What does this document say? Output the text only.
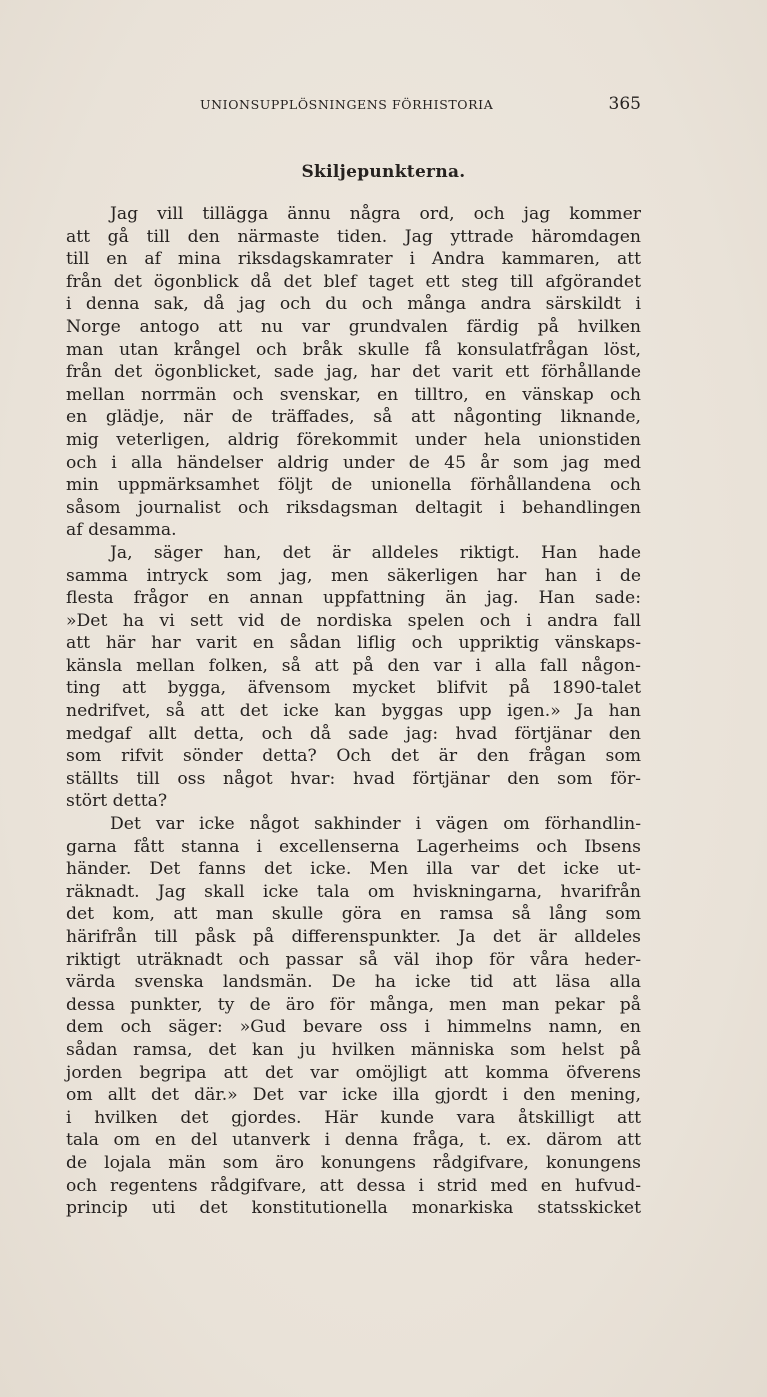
UNIONSUPPLÖSNINGENS FÖRHISTORIA	365
Skiljepunkterna.
Jag vill tillägga ännu några ord, och jag kommer
att gå till den närmaste tiden. Jag yttrade häromdagen
till en af mina riksdagskamrater i Andra kammaren, att
från det ögonblick då det blef taget ett steg till afgörandet
i denna sak, då jag och du och många andra särskildt i
Norge antogo att nu var grundvalen färdig på hvilken
man utan krångel och bråk skulle få konsulatfrågan löst,
från det ögonblicket, sade jag, har det varit ett förhållande
mellan norrmän och svenskar, en tilltro, en vänskap och
en glädje, när de träffades, så att någonting liknande,
mig veterligen, aldrig förekommit under hela unionstiden
och i alla händelser aldrig under de 45 år som jag med
min uppmärksamhet följt de unionella förhållandena och
såsom journalist och riksdagsman deltagit i behandlingen
af desamma.
Ja, säger han, det är alldeles riktigt. Han hade
samma intryck som jag, men säkerligen har han i de
flesta frågor en annan uppfattning än jag. Han sade:
»Det ha vi sett vid de nordiska spelen och i andra fall
att här har varit en sådan liflig och uppriktig vänskaps-
känsla mellan folken, så att på den var i alla fall någon-
ting att bygga, äfvensom mycket blifvit på 1890-talet
nedrifvet, så att det icke kan byggas upp igen.» Ja han
medgaf allt detta, och då sade jag: hvad förtjänar den
som rifvit sönder detta? Och det är den frågan som
ställts till oss något hvar: hvad förtjänar den som för-
stört detta?
Det var icke något sakhinder i vägen om förhandlin-
garna fått stanna i excellenserna Lagerheims och Ibsens
händer. Det fanns det icke. Men illa var det icke ut-
räknadt. Jag skall icke tala om hviskningarna, hvarifrån
det kom, att man skulle göra en ramsa så lång som
härifrån till påsk på differenspunkter. Ja det är alldeles
riktigt uträknadt och passar så väl ihop för våra heder-
värda svenska landsmän. De ha icke tid att läsa alla
dessa punkter, ty de äro för många, men man pekar på
dem och säger: »Gud bevare oss i himmelns namn, en
sådan ramsa, det kan ju hvilken människa som helst på
jorden begripa att det var omöjligt att komma öfverens
om allt det där.» Det var icke illa gjordt i den mening,
i hvilken det gjordes. Här kunde vara åtskilligt att
tala om en del utanverk i denna fråga, t. ex. därom att
de lojala män som äro konungens rådgifvare, konungens
och regentens rådgifvare, att dessa i strid med en hufvud-
princip uti det konstitutionella monarkiska statsskicket
